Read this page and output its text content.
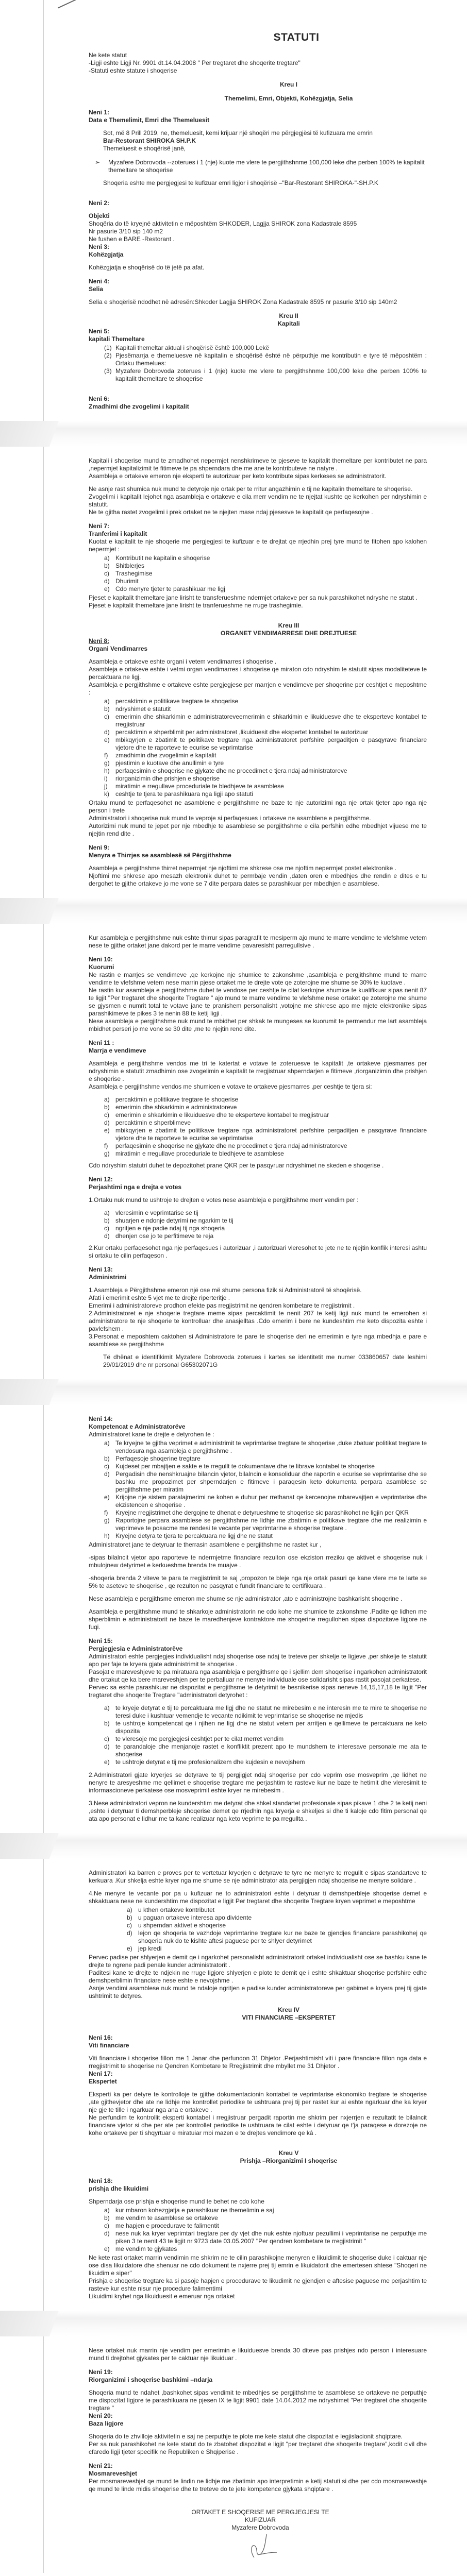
STATUTI

Ne kete statut

-Ligji eshte Ligji Nr. 9901 dt.14.04.2008 " Per tregtaret dhe shoqerite tregtare"

-Statuti eshte statute i shoqerise

Kreu I
Themelimi, Emri, Objekti, Kohëzgjatja, Selia
Neni 1:
Data e Themelimit, Emri dhe Themeluesit

Sot, më 8 Prill 2019, ne, themeluesit, kemi krijuar një shoqëri me përgjegjësi të kufizuara me emrin

Bar-Restorant SHIROKA SH.P.K

Themeluesit e shoqërisë janë,

➢	Myzafere Dobrovoda --zoterues i 1 (nje) kuote me vlere te pergjithshnme 100,000 leke dhe perben 100% te kapitalit themeltare te shoqerise

Shoqeria eshte me pergjegjesi te kufizuar emri ligjor i shoqërisë –"Bar-Restorant SHIROKA-"-SH.P.K

Neni 2:
Objekti

Shoqëria do të kryejnë aktivitetin e mëposhtëm SHKODER, Lagjja SHIROK zona Kadastrale 8595

Nr pasurie 3/10 sip 140 m2

Ne fushen e BARE -Restorant .

Neni 3:
Kohëzgjatja

Kohëzgjatja e shoqërisë do të jetë pa afat.

Neni 4:
Selia

Selia e shoqërisë ndodhet në adresën:Shkoder Lagjja SHIROK Zona Kadastrale 8595 nr pasurie 3/10 sip 140m2

Kreu II
Kapitali
Neni 5:
kapitali Themeltare
(1) Kapitali themeltar aktual i shoqërisë është 100,000 Lekë
(2) Pjesëmarrja e themeluesve në kapitalin e shoqërisë është në përputhje me kontributin e tyre të mëposhtëm : Ortaku themelues:
(3) Myzafere Dobrovoda zoterues i 1 (nje) kuote me vlere te pergjithshnme 100,000 leke dhe perben 100% te kapitalit themeltare te shoqerise
Neni 6:
Zmadhimi dhe zvogelimi i kapitalit

Kapitali i shoqerise mund te zmadhohet nepermjet nenshkrimeve te pjeseve te kapitalit themeltare per kontributet ne para ,nepermjet kapitalizimit te fitimeve te pa shperndara dhe me ane te kontributeve ne natyre .

Asambleja e ortakeve emeron nje eksperti te autorizuar per keto kontribute sipas kerkeses se administratorit.

Ne asnje rast shumica nuk mund te detyroje nje ortak per te rritur angazhimin e tij ne kapitalin themeltare te shoqerise.

Zvogelimi i kapitalit lejohet nga asambleja e ortakeve e cila merr vendim ne te njejtat kushte qe kerkohen per ndryshimin e statutit.

Ne te gjitha rastet zvogelimi i prek ortaket ne te njejten mase ndaj pjesesve te kapitalit qe perfaqesojne .

Neni 7:
Tranferimi i kapitalit

Kuotat e kapitalit te nje shoqerie me pergjegjesi te kufizuar e te drejtat qe rrjedhin prej tyre mund te fitohen apo kalohen nepermjet :

a) Kontributit ne kapitalin e shoqerise
b) Shitblerjes
c)	Trashegimise
d) Dhurimit
e) Cdo menyre tjeter te parashikuar me ligj

Pjeset e kapitalit themeltare jane lirisht te transferueshme ndermjet ortakeve per sa nuk parashikohet ndryshe ne statut .

Pjeset e kapitalit themeltare jane lirisht te tranferueshme ne rruge trashegimie.

Kreu III
ORGANET VENDIMARRESE DHE DREJTUESE
Neni 8:
Organi Vendimarres

Asambleja e ortakeve eshte organi i vetem vendimarres i shoqerise .

Asambleja e ortakeve eshte i vetmi organ vendimarres i shoqerise qe miraton cdo ndryshim te statutit sipas modaliteteve te percaktuara ne ligj.

Asambleja e pergjithshme e ortakeve eshte pergjegjese per marrjen e vendimeve per shoqerine per ceshtjet e meposhtme :

a) percaktimin e politikave tregtare te shoqerise
b) ndryshimet e statutit
c)	emerimin dhe shkarkimin e administratoreveemerimin e shkarkimin e likuiduesve dhe te eksperteve kontabel te rregjistruar
d) percaktimin e shperblimit per administratoret ,likuiduesit dhe ekspertet kontabel te autorizuar
e) mbikqyrjen e zbatimit te politikave tregtare nga administratoret perfshire pergaditjen e pasqyrave financiare vjetore dhe te raporteve te ecurise se veprimtarise
f)	zmadhimin dhe zvogelimin e kapitalit
g) pjestimin e kuotave dhe anullimin e tyre
h) perfaqesimin e shoqerise ne gjykate dhe ne procedimet e tjera ndaj administratoreve
i)	riorganizimin dhe prishjen e shoqerise
j)	miratimin e rregullave proceduriale te bledhjeve te asamblese
k)	ceshtje te tjera te parashikuara nga ligji apo statuti

Ortaku mund te perfaqesohet ne asamblene e pergjithshme ne baze te nje autorizimi nga nje ortak tjeter apo nga nje person i trete

Administratori i shoqerise nuk mund te veproje si perfaqesues i ortakeve ne asamblene e pergjithshme.

Autorizimi nuk mund te jepet per nje mbedhje te asamblese se pergjithshme e cila perfshin edhe mbedhjet vijuese me te njejtin rend dite .

Neni 9:
Menyra e Thirrjes se asamblesë së Përgjithshme

Asambleja e pergjithshme thirret nepermjet nje njoftimi me shkrese ose me njoftim nepermjet postet elektronike .

Njoftimi me shkrese apo mesazh elektronik duhet te permbaje vendin ,daten oren e mbedhjes dhe rendin e dites e tu dergohet te gjithe ortakeve jo me vone se 7 dite perpara dates se parashikuar per mbedhjen e asamblese.

Kur asambleja e pergjithshme nuk eshte thirrur sipas paragrafit te mesiperm ajo mund te marre vendime te vlefshme vetem nese te gjithe ortaket jane dakord per te marre vendime pavaresisht parregullsive .

Neni 10:
Kuorumi

Ne rastin e marrjes se vendimeve ,qe kerkojne nje shumice te zakonshme ,asambleja e pergjithshme mund te marre vendime te vlefshme vetem nese marrin pjese ortaket me te drejte vote qe zoterojne me shume se 30% te kuotave .

Ne rastin kur asambleja e pergjithshme duhet te vendose per ceshtje te cilat kerkojne shumice te kualifikuar sipas nenit 87 te ligjit "Per tregtaret dhe shoqerite Tregtare " ajo mund te marre vendime te vlefshme nese ortaket qe zoterojne me shume se gjysmen e numrit total te votave jane te pranishem personalisht ,votojne me shkrese apo me mjete elektronike sipas parashikimeve te pikes 3 te nenin 88 te ketij ligji .

Nese asambleja e pergjithshme nuk mund te mbidhet per shkak te mungeses se kuorumit te permendur me lart asambleja mbidhet perseri jo me vone se 30 dite ,me te njejtin rend dite.

Neni 11 :
Marrja e vendimeve

Asambleja e pergjithshme vendos me tri te katertat e votave te zoteruesve te kapitalit ,te ortakeve pjesmarres per ndryshimin e statutit zmadhimin ose zvogelimin e kapitalit te rregjistruar shperndarjen e fitimeve ,riorganizimin dhe prishjen e shoqerise .

Asambleja e pergjithshme vendos me shumicen e votave te ortakeve pjesmarres ,per ceshtje te tjera si:

a) percaktimin e politikave tregtare te shoqerise
b) emerimin dhe shkarkimin e administratoreve
c)	emerimin e shkarkimin e likuiduesve dhe te eksperteve kontabel te rregjistruar
d) percaktimin e shperblimeve
e) mbikqyrjen e zbatimit te politikave tregtare nga administratoret perfshire pergaditjen e pasqyrave financiare vjetore dhe te raporteve te ecurise se veprimtarise
f)	perfaqesimin e shoqerise ne gjykate dhe ne procedimet e tjera ndaj administratoreve
g) miratimin e rregullave proceduriale te bledhjeve te asamblese

Cdo ndryshim statutri duhet te depozitohet prane QKR per te pasqyruar ndryshimet ne skeden e shoqerise .

Neni 12:
Perjashtimi nga e drejta e votes

1.Ortaku nuk mund te ushtroje te drejten e votes nese asambleja e pergjithshme merr vendim per :

a) vleresimin e veprimtarise se tij
b) shuarjen e ndonje detyrimi ne ngarkim te tij
c)	ngritjen e nje padie ndaj tij nga shoqeria
d) dhenjen ose jo te perfitimeve te reja

2.Kur ortaku perfaqesohet nga nje perfaqesues i autorizuar ,i autorizuari vleresohet te jete ne te njejtin konflik interesi ashtu si ortaku te cilin perfaqeson .

Neni 13:
Administrimi

1.Asambleja e Përgjithshme emeron një ose më shume persona fizik si Administratorë të shoqërisë.

Afati i emerimit eshte 5 vjet me te drejte riperteritje .

Emerimi i administratoreve prodhon efekte pas rregjistrimit ne qendren kombetare te rregjistrimit .

2.Administratoret e nje shoqerie tregtare meme sipas percaktimit te nenit 207 te ketij ligji nuk mund te emerohen si administratore te nje shoqerie te kontrolluar dhe anasjelltas .Cdo emerim i bere ne kundeshtim me keto dispozita eshte i pavlefshem .

3.Personat e meposhtem caktohen si Administratore te pare te shoqerise deri ne emerimin e tyre nga mbedhja e pare e asamblese se pergjithshme

Të dhënat e identifikimit Myzafere Dobrovoda zoterues i kartes se identitetit me numer 033860657 date leshimi 29/01/2019 dhe nr personal G65302071G

Neni 14:
Kompetencat e Administratorëve

Administratoret kane te drejte e detyrohen te :

a) Te kryejne te gjitha veprimet e administrimit te veprimtarise tregtare te shoqerise ,duke zbatuar politikat tregtare te vendosura nga asambleja e pergjithshme .
b) Perfaqesoje shoqerine tregtare
c)	Kujdeset per mbajtjen e sakte e te rregullt te dokumentave dhe te librave kontabel te shoqerise
d) Pergadisin dhe nenshkruajne bilancin vjetor, bilalncin e konsoliduar dhe raportin e ecurise se veprimtarise dhe se bashku me propozimet per shperndarjen e fitimeve i paraqesin keto dokumenta perpara asamblese se pergjithshme per miratim
e) Krijojne nje sistem paralajmerimi ne kohen e duhur per rrethanat qe kercenojne mbarevajtjen e veprimtarise dhe ekzistencen e shoqerise .
f)	Kryejne rregjistrimet dhe dergojne te dhenat e detyrueshme te shoqerise sic parashikohet ne ligjin per QKR
g) Raportojne perpara asamblese se pergjithshme ne lidhje me zbatimin e politikave tregtare dhe me realizimin e veprimeve te posacme me rendesi te vecante per veprimtarine e shoqerise tregtare .
h) Kryejne detyra te tjera te percaktuara ne ligj dhe ne statut

Administratoret jane te detyruar te therrasin asamblene e pergjithshme ne rastet kur ,

-sipas bilalncit vjetor apo raporteve te ndermjetme financiare rezulton ose ekziston rreziku qe aktivet e shoqerise nuk i mbulojnew detyrimet e kerkueshme brenda tre muajve .

-shoqeria brenda 2 viteve te para te rregjistrimit te saj ,propozon te bleje nga nje ortak pasuri qe kane vlere me te larte se 5% te aseteve te shoqerise , qe rezulton ne pasqyrat e fundit financiare te certifikuara .

Nese asambleja e pergjithsme emeron me shume se nje administrator ,ato e administrojne bashkarisht shoqerine .

Asambleja e pergjithshme mund te shkarkoje administratorin ne cdo kohe me shumice te zakonshme .Padite qe lidhen me shperblimin e administratorit ne baze te maredhenjeve kontraktore me shoqerine rregullohen sipas dispozitave ligjore ne fuqi.

Neni 15:
Pergjegjesia e Administratorëve

Administratori eshte pergjegjes individualisht ndaj shoqerise ose ndaj te treteve per shkelje te ligjeve ,per shkelje te statutit apo per faje te kryera gjate administrimit te shoqerise .

Pasojat e mareveshjeve te pa miratuara nga asambleja e pergjithsme qe i sjellim dem shoqerise i ngarkohen administratorit dhe ortakut qe ka bere mareveshjen per te perballuar ne menyre individuale ose solidarisht sipas rastit pasojat perkatese.

Pervec sa eshte parashikuar ne dispozitat e pergjithsme te detyrimit te besnikerise sipas neneve 14,15,17,18 te ligjit "Per tregtaret dhe shoqerite Tregtare "administratori detyrohet :

a) te kryeje detyrat e tij te percaktuara me ligj dhe ne statut ne mirebesim e ne interesin me te mire te shoqerise ne teresi duke i kushtuar vemendje te vecante ndikimit te veprimtarise se shoqerise ne mjedis
b) te ushtroje kompetencat qe i njihen ne ligj dhe ne statut vetem per arritjen e qellimeve te percaktuara ne keto dispozita
c)	te vleresoje me pergjegjesi ceshtjet per te cilat merret vendim
d) te parandaloje dhe menjanoje rastet e konfliktit prezent apo te mundshem te interesave personale me ata te shoqerise
e) te ushtroje detyrat e tij me profesionalizem dhe kujdesin e nevojshem

2.Administratori gjate kryerjes se detyrave te tij pergjigjet ndaj shoqerise per cdo veprim ose mosveprim ,qe lidhet ne nenyre te aresyeshme me qellimet e shoqerise tregtare me perjashtim te rasteve kur ne baze te hetimit dhe vleresimit te informascioneve perkatese ose mosveprimit eshte kryer ne mirebesim .

3.Nese administratori vepron ne kundershtim me detyrat dhe shkel standartet profesionale sipas pikave 1 dhe 2 te ketij neni ,eshte i detyruar ti demshperbleje shoqerise demet qe rrjedhin nga kryerja e shkeljes si dhe ti kaloje cdo fitim personal qe ata apo personat e lidhur me ta kane realizuar nga keto veprime te pa rregullta .

Administratori ka barren e proves per te vertetuar kryerjen e detyrave te tyre ne menyre te rregullt e sipas standarteve te kerkuara .Kur shkelja eshte kryer nga me shume se nje administrator ata pergjigjen ndaj shoqerise ne menyre solidare .

4.Ne menyre te vecante por pa u kufizuar ne to administratori eshte i detyruar ti demshperbleje shoqerise demet e shkaktuara nese ne kundershtim me dispozitat e ligjit Per tregtaret dhe shoqerite Tregtare kryen veprimet e meposhtme

a) u kthen ortakeve kontributet
b) u paguan ortakeve interesa apo dividente
c)	u shperndan aktivet e shoqerise
d) lejon qe shoqeria te vazhdoje veprimtarine tregtare kur ne baze te gjendjes financiare parashikohej qe shoqeria nuk do te kishte aftesi paguese per te shlyer detyrimet
e) jep kredi

Pervec padise per shlyerjen e demit qe i ngarkohet personalisht administratorit ortaket individualisht ose se bashku kane te drejte te ngrene padi penale kunder administratorit .

Paditesi kane te drejte te ndjekin ne rruge ligjore shlyerjen e plote te demit qe i eshte shkaktuar shoqerise perfshire edhe demshperblimin financiare nese eshte e nevojshme .

Asnje vendimi asamblese nuk mund te ndaloje ngritjen e padise kunder administratoreve per gabimet e kryera prej tij gjate ushtrimit te detyres.

Kreu IV
VITI FINANCIARE –EKSPERTET
Neni 16:
Viti financiare

Viti financiare i shoqerise fillon me 1 Janar dhe perfundon 31 Dhjetor .Perjashtimisht viti i pare financiare fillon nga data e rregjistrimit te shoqerise ne Qendren Kombetare te Rregjistrimit dhe mbyllet me 31 Dhjetor .

Neni 17:
Ekspertet

Eksperti ka per detyre te kontrolloje te gjithe dokumentacionin kontabel te veprimtarise ekonomiko tregtare te shoqerise ,ate gjithevjetor dhe ate ne lidhje me kontrollet periodike te ushtruara prej tij per rastet kur ai eshte ngarkuar dhe ka kryer nje gje te tille i ngarkuar nga ana e ortakeve .

Ne perfundim te kontrollit eksperti kontabel i rregjistruar pergadit raportin me shkrim per nxjerrjen e rezultatit te bilalncit financiare vjetor si dhe per ate per kontrollet periodike te ushtruara te cilat eshte i detyruar qe t'ja paraqese e dorezoje ne kohe ortakeve per ti shqyrtuar e miratuiar mbi mazen e te drejtes vendimore qe kâ .

Kreu V
Prishja –Riorganizimi I shoqerise
Neni 18:
prishja dhe likuidimi

Shperndarja ose prishja e shoqerise mund te behet ne cdo kohe

a) kur mbaron kohezgjatja e parashikuar ne themelimin e saj
b) me vendim te asamblese se ortakeve
c)	me hapjen e procedurave te falimentit
d) nese nuk ka kryer veprimtari tregtare per dy vjet dhe nuk eshte njoftuar pezullimi i veprimtarise ne perputhje me piken 3 te nenit 43 te ligjit nr 9723 date 03.05.2007 "Per qendren kombetare te rregjistrimit "
e) me vendim te gjykates

Ne kete rast ortaket marrin vendimin me shkrim ne te cilin parashikojne menyren e likuidimit te shoqerise duke i caktuar nje ose disa likuidatore dhe shenuar ne cdo dokument te nxjerre prej tij emrin e likuidatorit dhe emertesen shtese "Shoqeri ne likuidim e siper"

Prishja e shoqerise tregtare ka si pasoje hapjen e procedurave te likudimit ne gjendjen e aftesise paguese me perjashtim te rasteve kur eshte nisur nje procedure falimentimi

Likuidimi kryhet nga likuiduesit e emeruar nga ortaket

Nese ortaket nuk marrin nje vendim per emerimin e likuiduesve brenda 30 diteve pas prishjes ndo person i interesuare mund ti drejtohet gjykates per te caktuar nje likuiduar .

Neni 19:
Riorganizimi i shoqerise bashkimi –ndarja

Shoqeria mund te ndahet ,bashkohet sipas vendimit te mbedhjes se pergjithshme te asamblese se ortakeve ne perputhje me dispozitat ligjore te parashikuara ne pjesen IX te ligjit 9901 date 14.04.2012 me ndryshimet "Per tregtaret dhe shoqerite tregtare "

Neni 20:
Baza ligjore

Shoqeria do te zhvilloje aktivitetin e saj ne perputhje te plote me kete statut dhe dispozitat e legjislacionit shqiptare.

Per sa nuk parashikohet ne kete statut do te zbatohet dispozitat e ligjit "per tregtaret dhe shoqerite tregtare",kodit civil dhe cfaredo ligji tjeter specifik ne Republiken e Shqiperise .

Neni 21:
Mosmareveshjet

Per mosmareveshjet qe mund te lindin ne lidhje me zbatimin apo interpretimin e ketij statuti si dhe per cdo mosmareveshje qe mund te linde midis shoqerise dhe te treteve do te jete kompetence gjykata shqiptare .

ORTAKET E SHOQERISE ME PERGJEGJESI TE KUFIZUAR
Myzafere Dobrovoda
